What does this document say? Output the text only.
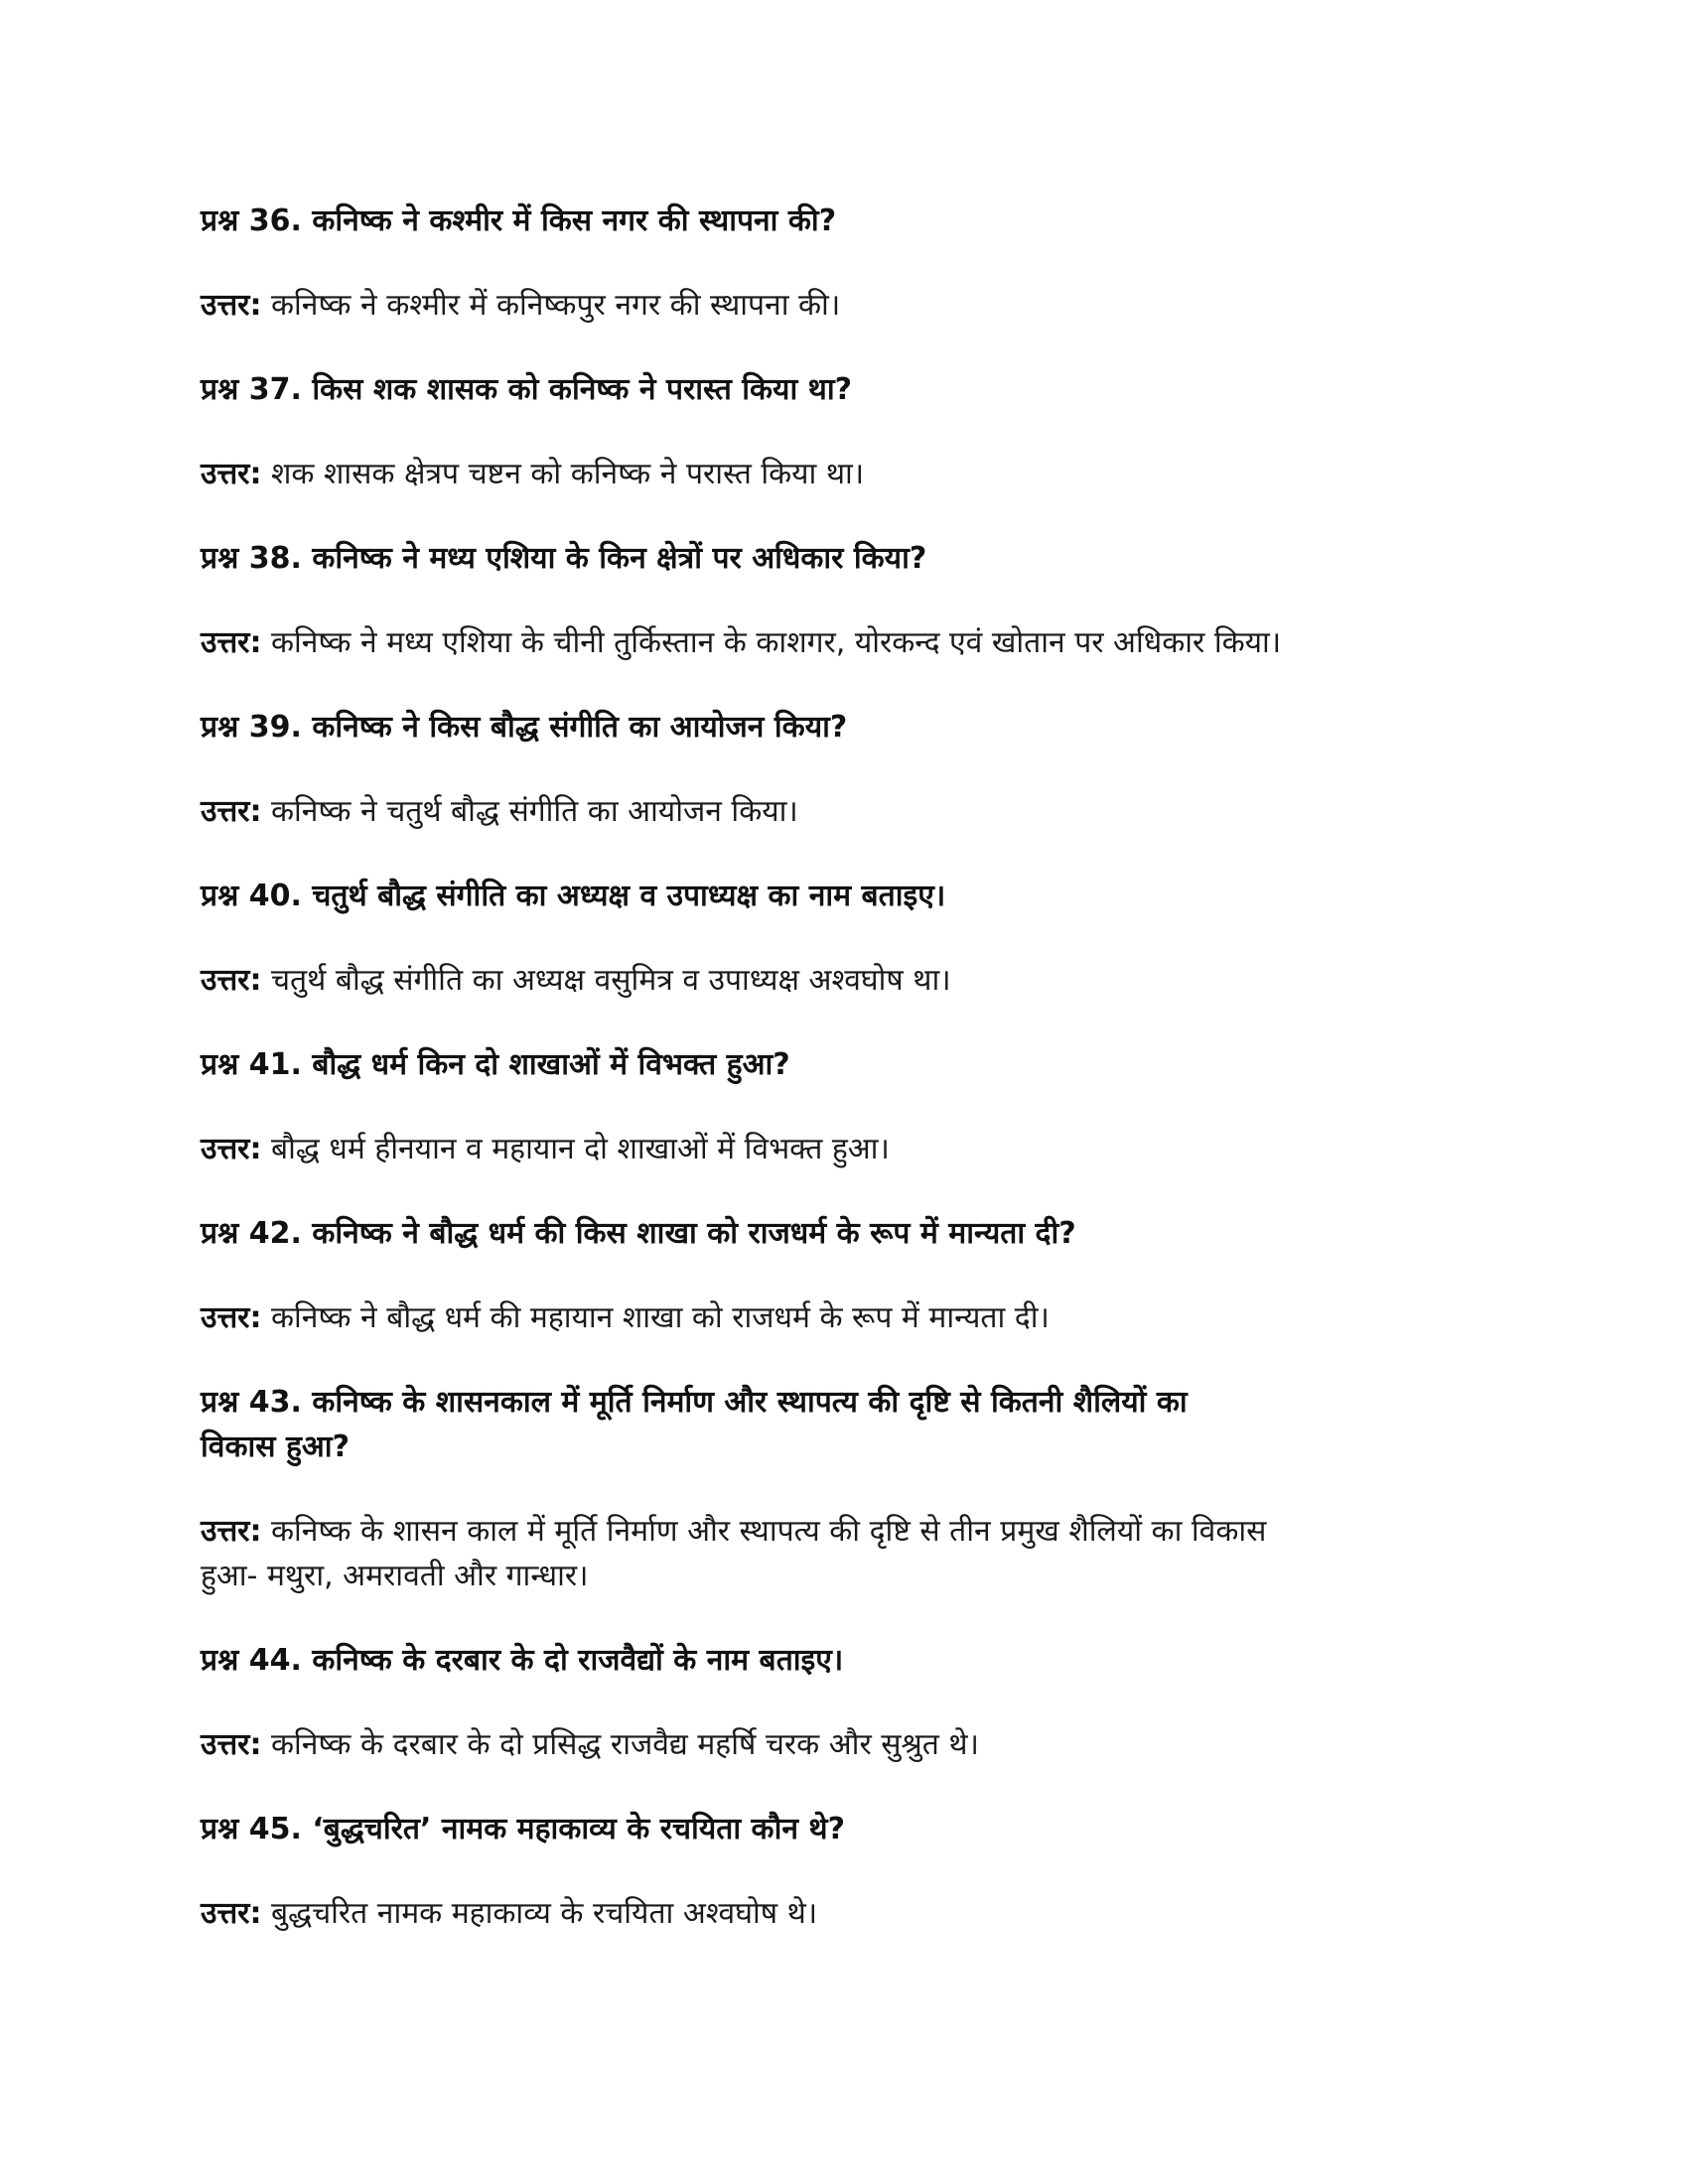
प्रश्न 36. कनिष्क ने कश्मीर में किस नगर की स्थापना की?

उत्तर: कनिष्क ने कश्मीर में कनिष्कपुर नगर की स्थापना की।

प्रश्न 37. किस शक शासक को कनिष्क ने परास्त किया था?

उत्तर: शक शासक क्षेत्रप चष्टन को कनिष्क ने परास्त किया था।

प्रश्न 38. कनिष्क ने मध्य एशिया के किन क्षेत्रों पर अधिकार किया?

उत्तर: कनिष्क ने मध्य एशिया के चीनी तुर्किस्तान के काशगर, योरकन्द एवं खोतान पर अधिकार किया।

प्रश्न 39. कनिष्क ने किस बौद्ध संगीति का आयोजन किया?

उत्तर: कनिष्क ने चतुर्थ बौद्ध संगीति का आयोजन किया।

प्रश्न 40. चतुर्थ बौद्ध संगीति का अध्यक्ष व उपाध्यक्ष का नाम बताइए।

उत्तर: चतुर्थ बौद्ध संगीति का अध्यक्ष वसुमित्र व उपाध्यक्ष अश्वघोष था।

प्रश्न 41. बौद्ध धर्म किन दो शाखाओं में विभक्त हुआ?

उत्तर: बौद्ध धर्म हीनयान व महायान दो शाखाओं में विभक्त हुआ।

प्रश्न 42. कनिष्क ने बौद्ध धर्म की किस शाखा को राजधर्म के रूप में मान्यता दी?

उत्तर: कनिष्क ने बौद्ध धर्म की महायान शाखा को राजधर्म के रूप में मान्यता दी।

प्रश्न 43. कनिष्क के शासनकाल में मूर्ति निर्माण और स्थापत्य की दृष्टि से कितनी शैलियों का
विकास हुआ?

उत्तर: कनिष्क के शासन काल में मूर्ति निर्माण और स्थापत्य की दृष्टि से तीन प्रमुख शैलियों का विकास
हुआ- मथुरा, अमरावती और गान्धार।

प्रश्न 44. कनिष्क के दरबार के दो राजवैद्यों के नाम बताइए।

उत्तर: कनिष्क के दरबार के दो प्रसिद्ध राजवैद्य महर्षि चरक और सुश्रुत थे।

प्रश्न 45. ‘बुद्धचरित’ नामक महाकाव्य के रचयिता कौन थे?

उत्तर: बुद्धचरित नामक महाकाव्य के रचयिता अश्वघोष थे।
